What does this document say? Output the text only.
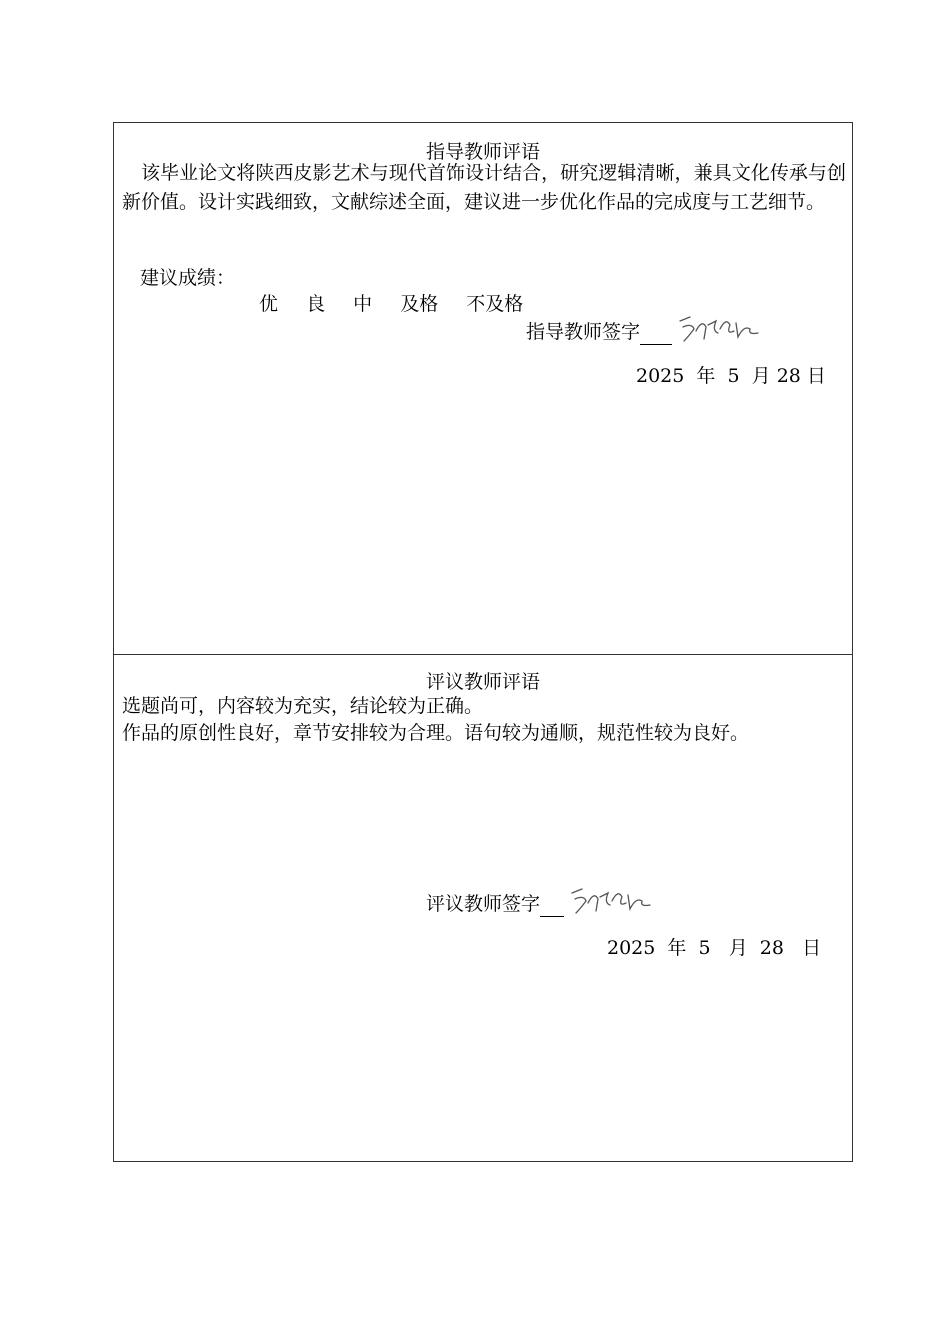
指导教师评语

该毕业论文将陕西皮影艺术与现代首饰设计结合，研究逻辑清晰，兼具文化传承与创新价值。设计实践细致，文献综述全面，建议进一步优化作品的完成度与工艺细节。

建议成绩：
优 良 中 及格 不及格
指导教师签字
2025  年  5  月 28 日
评议教师评语
选题尚可，内容较为充实，结论较为正确。

作品的原创性良好，章节安排较为合理。语句较为通顺，规范性较为良好。

评议教师签字
2025  年  5   月  28   日
